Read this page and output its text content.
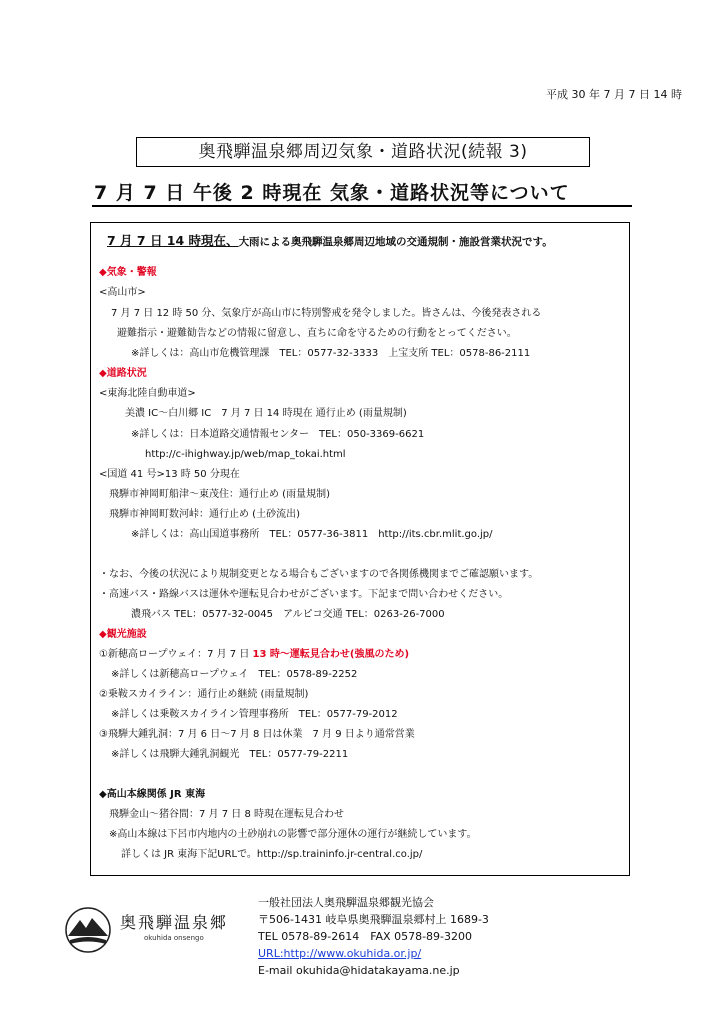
平成 30 年 7 月 7 日 14 時
奥飛騨温泉郷周辺気象・道路状況(続報 3)
7 月 7 日 午後 2 時現在 気象・道路状況等について
7 月 7 日 14 時現在、大雨による奥飛騨温泉郷周辺地域の交通規制・施設営業状況です。
◆気象・警報
<高山市>
7 月 7 日 12 時 50 分、気象庁が高山市に特別警戒を発令しました。皆さんは、今後発表される
避難指示・避難勧告などの情報に留意し、直ちに命を守るための行動をとってください。
※詳しくは：高山市危機管理課　TEL：0577-32-3333　上宝支所 TEL：0578-86-2111
◆道路状況
<東海北陸自動車道>
美濃 IC〜白川郷 IC　7 月 7 日 14 時現在 通行止め (雨量規制)
※詳しくは：日本道路交通情報センター　TEL：050-3369-6621
http://c-ihighway.jp/web/map_tokai.html
<国道 41 号>13 時 50 分現在
飛騨市神岡町船津〜東茂住：通行止め (雨量規制)
飛騨市神岡町数河峠：通行止め (土砂流出)
※詳しくは：高山国道事務所　TEL：0577-36-3811　http://its.cbr.mlit.go.jp/
・なお、今後の状況により規制変更となる場合もございますので各関係機関までご確認願います。
・高速バス・路線バスは運休や運転見合わせがございます。下記まで問い合わせください。
濃飛バス TEL：0577-32-0045　アルピコ交通 TEL：0263-26-7000
◆観光施設
①新穂高ロープウェイ：7 月 7 日 13 時〜運転見合わせ(強風のため)
※詳しくは新穂高ロープウェイ　TEL：0578-89-2252
②乗鞍スカイライン：通行止め継続 (雨量規制)
※詳しくは乗鞍スカイライン管理事務所　TEL：0577-79-2012
③飛騨大鍾乳洞：7 月 6 日〜7 月 8 日は休業　7 月 9 日より通常営業
※詳しくは飛騨大鍾乳洞観光　TEL：0577-79-2211
◆高山本線関係 JR 東海
飛騨金山〜猪谷間：7 月 7 日 8 時現在運転見合わせ
※高山本線は下呂市内地内の土砂崩れの影響で部分運休の運行が継続しています。
詳しくは JR 東海下記URLで。http://sp.traininfo.jr-central.co.jp/
奥飛騨温泉郷
okuhida onsengo
一般社団法人奥飛騨温泉郷観光協会
〒506-1431 岐阜県奥飛騨温泉郷村上 1689-3
TEL 0578-89-2614　FAX 0578-89-3200
URL:http://www.okuhida.or.jp/
E-mail okuhida@hidatakayama.ne.jp
